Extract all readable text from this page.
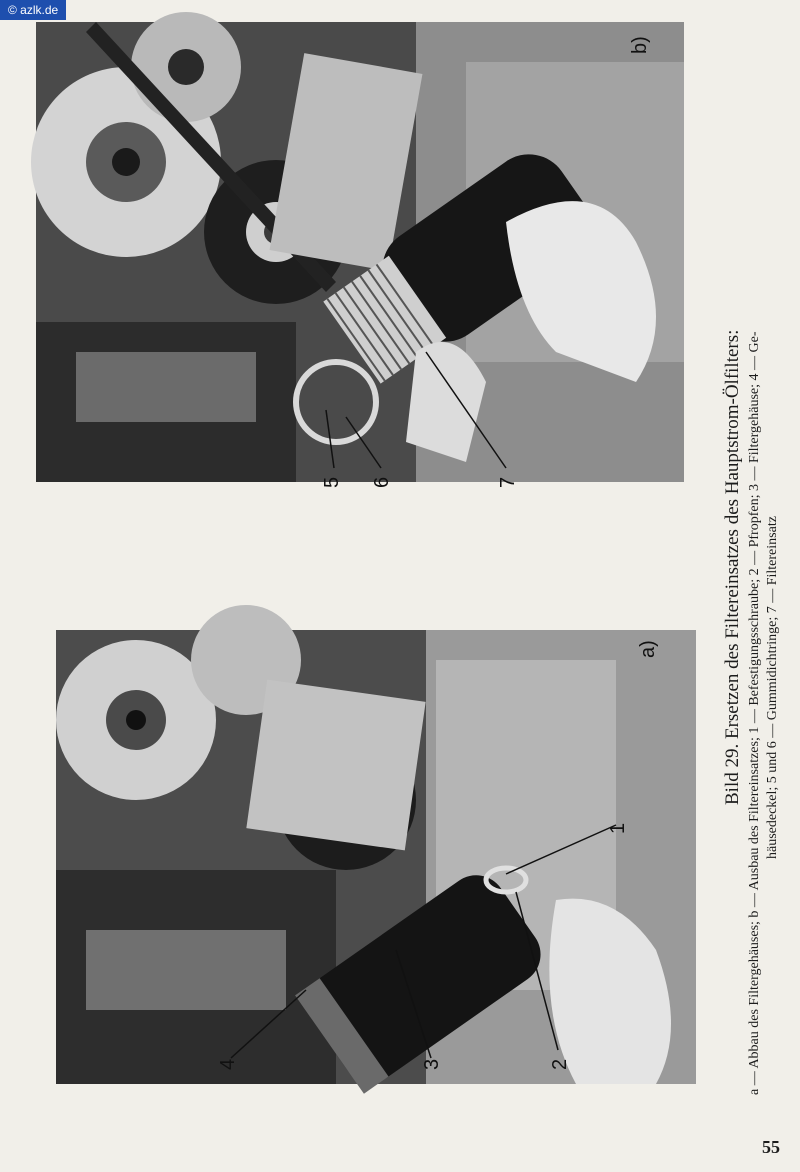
© azlk.de
b)
5 6	7
a)
1
2
3
4

Bild 29. Ersetzen des Filtereinsatzes des Hauptstrom-Ölfilters: a — Abbau des Filtergehäuses; b — Ausbau des Filtereinsatzes; 1 — Befestigungsschraube; 2 — Pfropfen; 3 — Filtergehäuse; 4 — Ge- häusedeckel; 5 und 6 — Gummidichtringe; 7 — Filtereinsatz

55
